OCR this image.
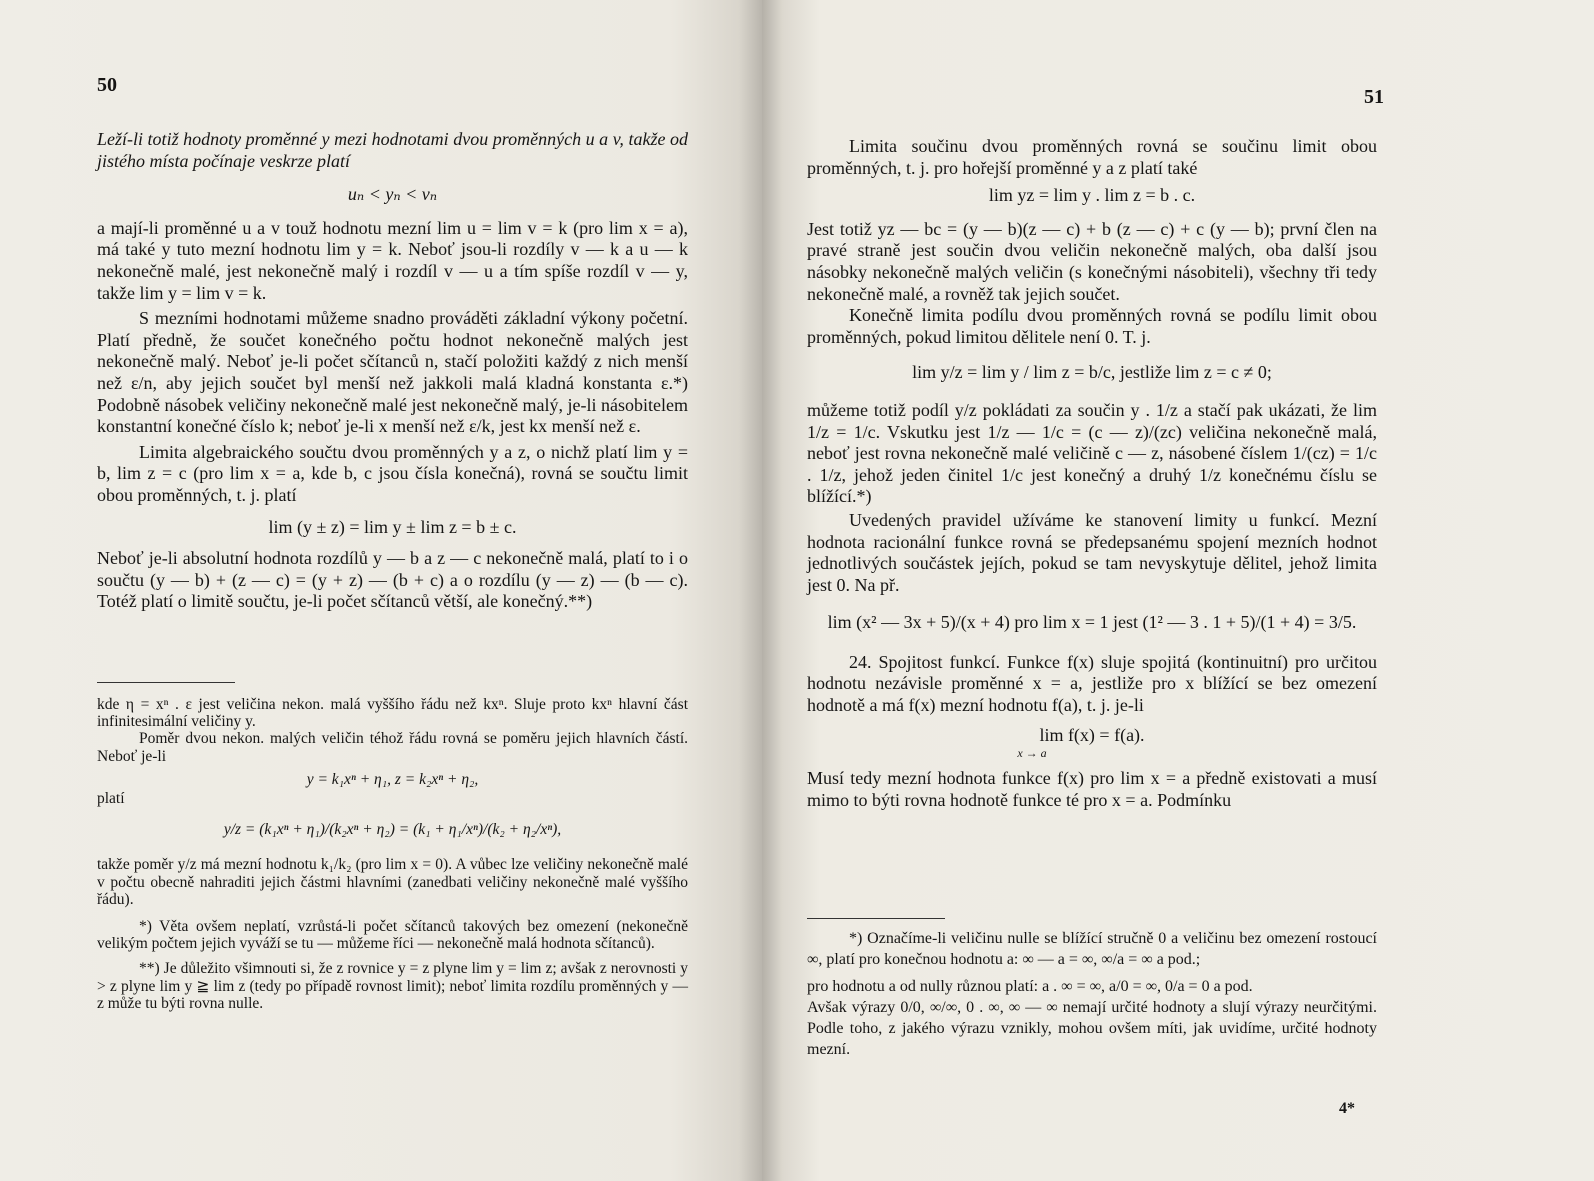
50

Leží-li totiž hodnoty proměnné y mezi hodnotami dvou proměnných u a v, takže od jistého místa počínaje veskrze platí

uₙ < yₙ < vₙ

a mají-li proměnné u a v touž hodnotu mezní lim u = lim v = k (pro lim x = a), má také y tuto mezní hodnotu lim y = k. Neboť jsou-li rozdíly v — k a u — k nekonečně malé, jest nekonečně malý i rozdíl v — u a tím spíše rozdíl v — y, takže lim y = lim v = k.

S mezními hodnotami můžeme snadno prováděti základní výkony početní. Platí předně, že součet konečného počtu hodnot nekonečně malých jest nekonečně malý. Neboť je-li počet sčítanců n, stačí položiti každý z nich menší než ε/n, aby jejich součet byl menší než jakkoli malá kladná konstanta ε.*) Podobně násobek veličiny nekonečně malé jest nekonečně malý, je-li násobitelem konstantní konečné číslo k; neboť je-li x menší než ε/k, jest kx menší než ε.

Limita algebraického součtu dvou proměnných y a z, o nichž platí lim y = b, lim z = c (pro lim x = a, kde b, c jsou čísla konečná), rovná se součtu limit obou proměnných, t. j. platí

lim (y ± z) = lim y ± lim z = b ± c.

Neboť je-li absolutní hodnota rozdílů y — b a z — c nekonečně malá, platí to i o součtu (y — b) + (z — c) = (y + z) — (b + c) a o rozdílu (y — z) — (b — c). Totéž platí o limitě součtu, je-li počet sčítanců větší, ale konečný.**)

kde η = xⁿ . ε jest veličina nekon. malá vyššího řádu než kxⁿ. Sluje proto kxⁿ hlavní část infinitesimální veličiny y.

Poměr dvou nekon. malých veličin téhož řádu rovná se poměru jejich hlavních částí. Neboť je-li

y = k₁xⁿ + η₁, z = k₂xⁿ + η₂,

platí

y/z = (k₁xⁿ + η₁)/(k₂xⁿ + η₂) = (k₁ + η₁/xⁿ)/(k₂ + η₂/xⁿ),

takže poměr y/z má mezní hodnotu k₁/k₂ (pro lim x = 0). A vůbec lze veličiny nekonečně malé v počtu obecně nahraditi jejich částmi hlavními (zanedbati veličiny nekonečně malé vyššího řádu).

*) Věta ovšem neplatí, vzrůstá-li počet sčítanců takových bez omezení (nekonečně velikým počtem jejich vyváží se tu — můžeme říci — nekonečně malá hodnota sčítanců).

**) Je důležito všimnouti si, že z rovnice y = z plyne lim y = lim z; avšak z nerovnosti y > z plyne lim y ≧ lim z (tedy po případě rovnost limit); neboť limita rozdílu proměnných y — z může tu býti rovna nulle.

51

Limita součinu dvou proměnných rovná se součinu limit obou proměnných, t. j. pro hořejší proměnné y a z platí také

lim yz = lim y . lim z = b . c.

Jest totiž yz — bc = (y — b)(z — c) + b (z — c) + c (y — b); první člen na pravé straně jest součin dvou veličin nekonečně malých, oba další jsou násobky nekonečně malých veličin (s konečnými násobiteli), všechny tři tedy nekonečně malé, a rovněž tak jejich součet.

Konečně limita podílu dvou proměnných rovná se podílu limit obou proměnných, pokud limitou dělitele není 0. T. j.

lim y/z = lim y / lim z = b/c, jestliže lim z = c ≠ 0;

můžeme totiž podíl y/z pokládati za součin y . 1/z a stačí pak ukázati, že lim 1/z = 1/c. Vskutku jest 1/z — 1/c = (c — z)/(zc) veličina nekonečně malá, neboť jest rovna nekonečně malé veličině c — z, násobené číslem 1/(cz) = 1/c . 1/z, jehož jeden činitel 1/c jest konečný a druhý 1/z konečnému číslu se blížící.*)

Uvedených pravidel užíváme ke stanovení limity u funkcí. Mezní hodnota racionální funkce rovná se předepsanému spojení mezních hodnot jednotlivých součástek jejích, pokud se tam nevyskytuje dělitel, jehož limita jest 0. Na př.

lim (x² — 3x + 5)/(x + 4) pro lim x = 1 jest (1² — 3 . 1 + 5)/(1 + 4) = 3/5.

24. Spojitost funkcí. Funkce f(x) sluje spojitá (kontinuitní) pro určitou hodnotu nezávisle proměnné x = a, jestliže pro x blížící se bez omezení hodnotě a má f(x) mezní hodnotu f(a), t. j. je-li

lim f(x) = f(a).

x → a

Musí tedy mezní hodnota funkce f(x) pro lim x = a předně existovati a musí mimo to býti rovna hodnotě funkce té pro x = a. Podmínku

*) Označíme-li veličinu nulle se blížící stručně 0 a veličinu bez omezení rostoucí ∞, platí pro konečnou hodnotu a: ∞ — a = ∞, ∞/a = ∞ a pod.;

pro hodnotu a od nully různou platí: a . ∞ = ∞, a/0 = ∞, 0/a = 0 a pod.

Avšak výrazy 0/0, ∞/∞, 0 . ∞, ∞ — ∞ nemají určité hodnoty a slují výrazy neurčitými. Podle toho, z jakého výrazu vznikly, mohou ovšem míti, jak uvidíme, určité hodnoty mezní.

4*
